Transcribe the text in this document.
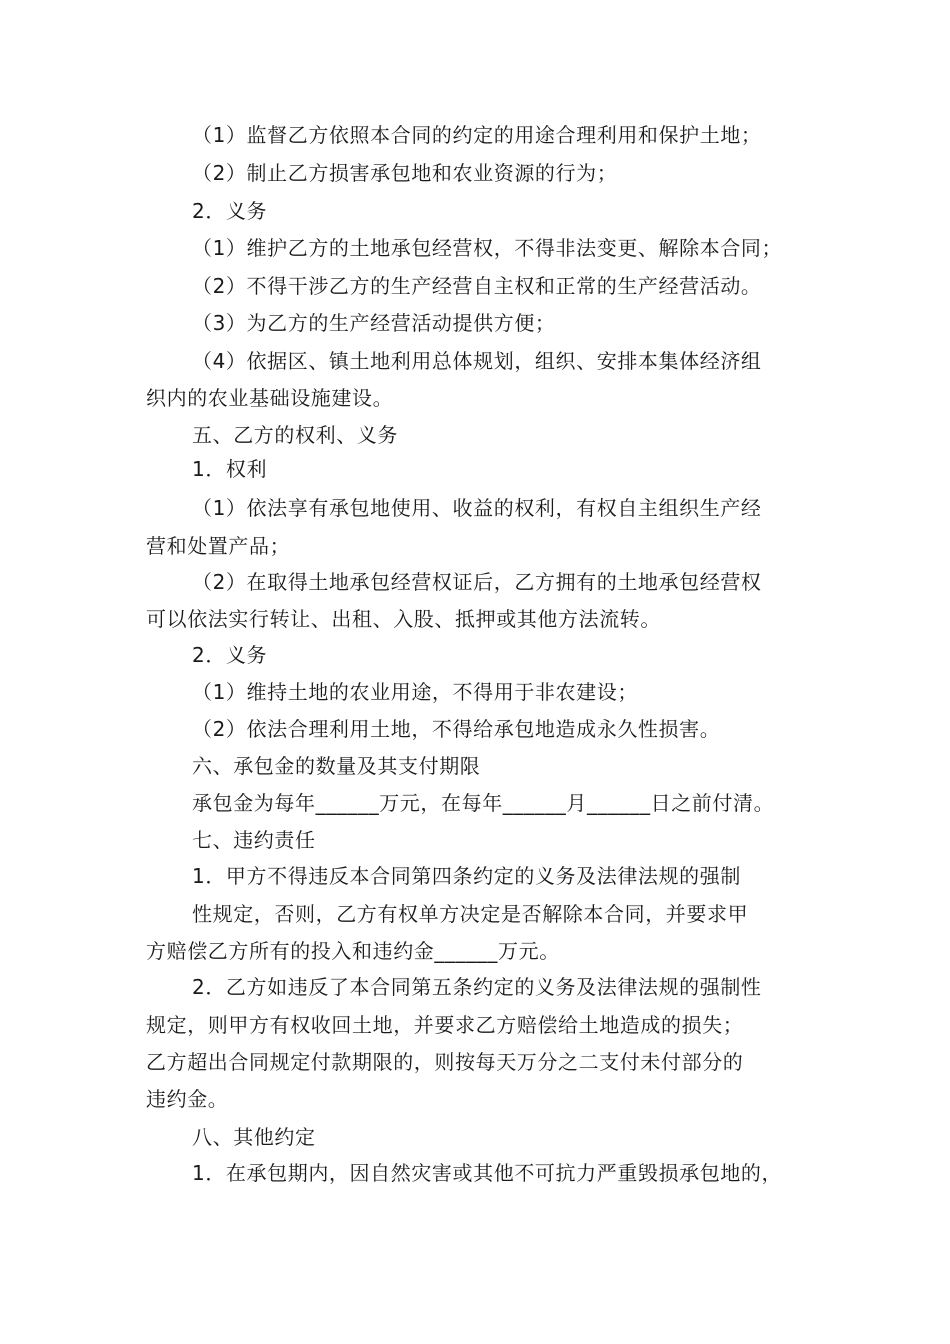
（1）监督乙方依照本合同的约定的用途合理利用和保护土地；
（2）制止乙方损害承包地和农业资源的行为；
2．义务
（1）维护乙方的土地承包经营权，不得非法变更、解除本合同；
（2）不得干涉乙方的生产经营自主权和正常的生产经营活动。
（3）为乙方的生产经营活动提供方便；
（4）依据区、镇土地利用总体规划，组织、安排本集体经济组
织内的农业基础设施建设。
五、乙方的权利、义务
1．权利
（1）依法享有承包地使用、收益的权利，有权自主组织生产经
营和处置产品；
（2）在取得土地承包经营权证后，乙方拥有的土地承包经营权
可以依法实行转让、出租、入股、抵押或其他方法流转。
2．义务
（1）维持土地的农业用途，不得用于非农建设；
（2）依法合理利用土地，不得给承包地造成永久性损害。
六、承包金的数量及其支付期限
承包金为每年______万元，在每年______月______日之前付清。
七、违约责任
1．甲方不得违反本合同第四条约定的义务及法律法规的强制
性规定，否则，乙方有权单方决定是否解除本合同，并要求甲
方赔偿乙方所有的投入和违约金______万元。
2．乙方如违反了本合同第五条约定的义务及法律法规的强制性
规定，则甲方有权收回土地，并要求乙方赔偿给土地造成的损失；
乙方超出合同规定付款期限的，则按每天万分之二支付未付部分的
违约金。
八、其他约定
1．在承包期内，因自然灾害或其他不可抗力严重毁损承包地的，
